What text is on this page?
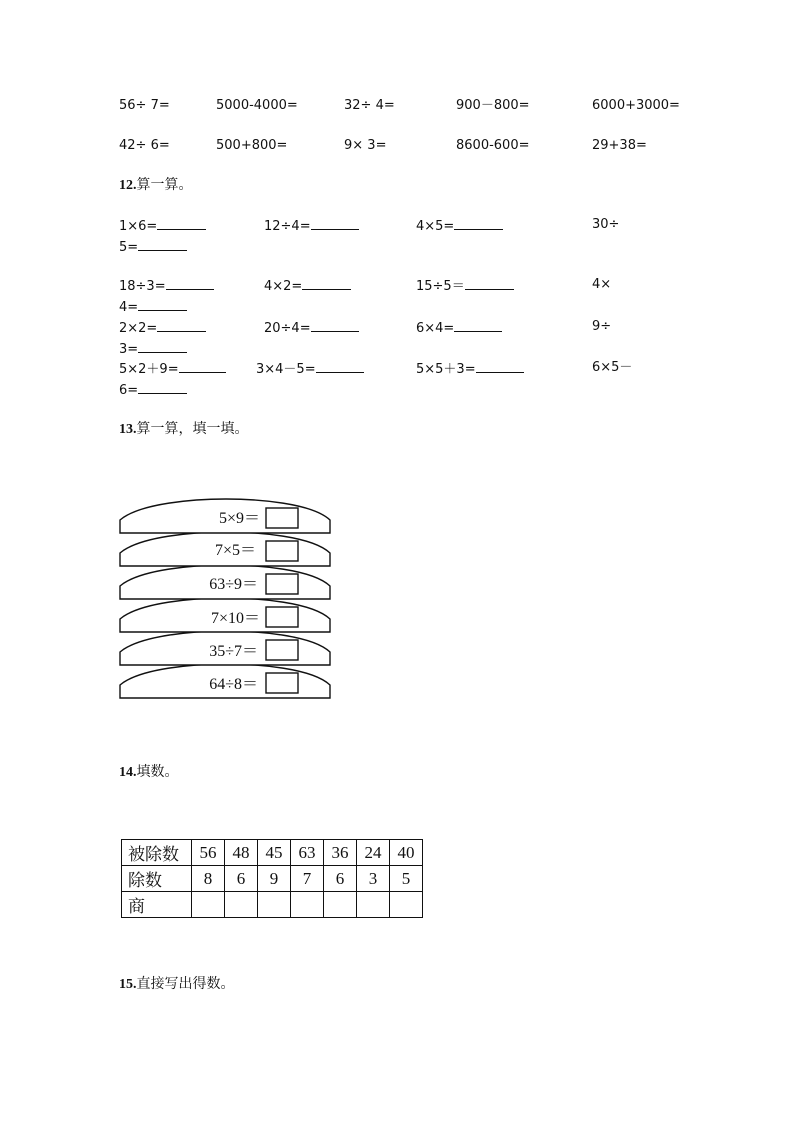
56÷ 7=	5000-4000=	32÷ 4=	900－800=	6000+3000=
42÷ 6=	500+800=	9× 3=	8600-600=	29+38=
12.算一算。
1×6=	12÷4=	4×5=	30÷
5=
18÷3=	4×2=	15÷5＝	4×
4=
2×2=	20÷4=	6×4=	9÷
3=
5×2＋9=	3×4－5=	5×5＋3=	6×5－
6=
13.算一算，填一填。
5×9＝
7×5＝
63÷9＝
7×10＝
35÷7＝
64÷8＝
14.填数。
被除数	56	48	45	63	36	24	40
除数	8	6	9	7	6	3	5
商							
15.直接写出得数。
